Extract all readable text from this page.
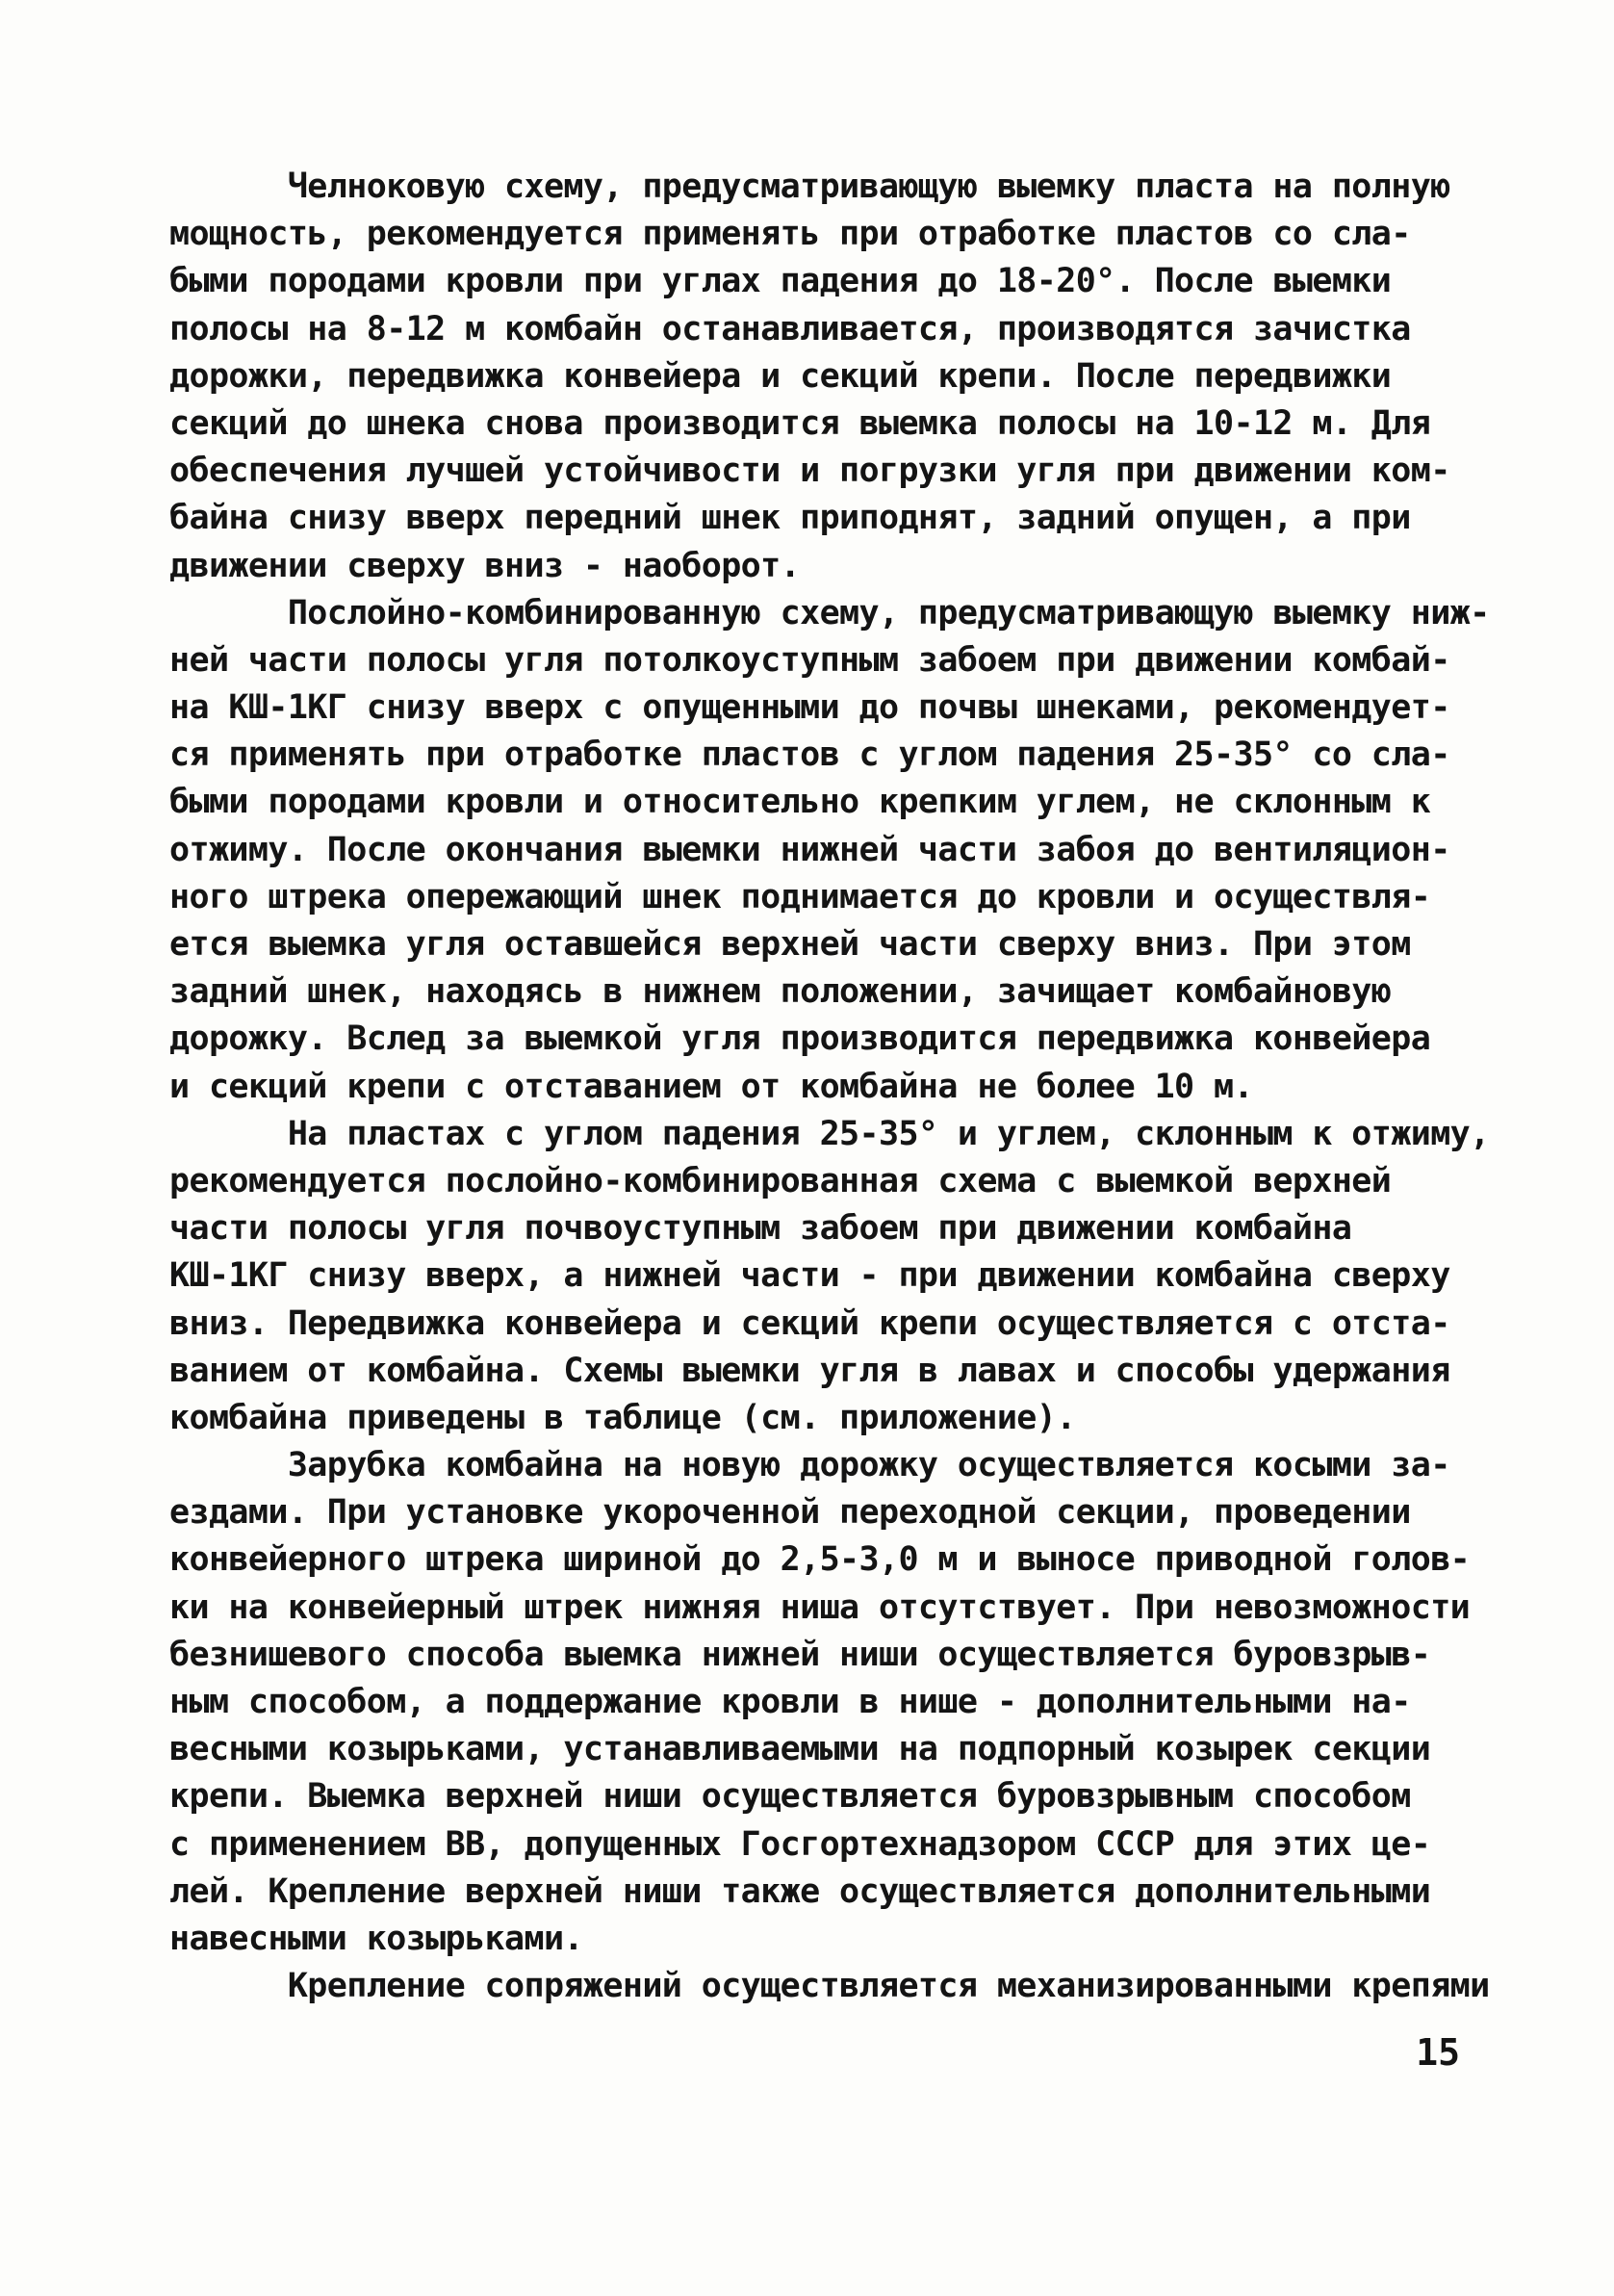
Челноковую схему, предусматривающую выемку пласта на полную
мощность, рекомендуется применять при отработке пластов со сла-
быми породами кровли при углах падения до 18-20°. После выемки
полосы на 8-12 м комбайн останавливается, производятся зачистка
дорожки, передвижка конвейера и секций крепи. После передвижки
секций до шнека снова производится выемка полосы на 10-12 м. Для
обеспечения лучшей устойчивости и погрузки угля при движении ком-
байна снизу вверх передний шнек приподнят, задний опущен, а при
движении сверху вниз - наоборот.
Послойно-комбинированную схему, предусматривающую выемку ниж-
ней части полосы угля потолкоуступным забоем при движении комбай-
на КШ-1КГ снизу вверх с опущенными до почвы шнеками, рекомендует-
ся применять при отработке пластов с углом падения 25-35° со сла-
быми породами кровли и относительно крепким углем, не склонным к
отжиму. После окончания выемки нижней части забоя до вентиляцион-
ного штрека опережающий шнек поднимается до кровли и осуществля-
ется выемка угля оставшейся верхней части сверху вниз. При этом
задний шнек, находясь в нижнем положении, зачищает комбайновую
дорожку. Вслед за выемкой угля производится передвижка конвейера
и секций крепи с отставанием от комбайна не более 10 м.
На пластах с углом падения 25-35° и углем, склонным к отжиму,
рекомендуется послойно-комбинированная схема с выемкой верхней
части полосы угля почвоуступным забоем при движении комбайна
КШ-1КГ снизу вверх, а нижней части - при движении комбайна сверху
вниз. Передвижка конвейера и секций крепи осуществляется с отста-
ванием от комбайна. Схемы выемки угля в лавах и способы удержания
комбайна приведены в таблице (см. приложение).
Зарубка комбайна на новую дорожку осуществляется косыми за-
ездами. При установке укороченной переходной секции, проведении
конвейерного штрека шириной до 2,5-3,0 м и выносе приводной голов-
ки на конвейерный штрек нижняя ниша отсутствует. При невозможности
безнишевого способа выемка нижней ниши осуществляется буровзрыв-
ным способом, а поддержание кровли в нише - дополнительными на-
весными козырьками, устанавливаемыми на подпорный козырек секции
крепи. Выемка верхней ниши осуществляется буровзрывным способом
с применением ВВ, допущенных Госгортехнадзором СССР для этих це-
лей. Крепление верхней ниши также осуществляется дополнительными
навесными козырьками.
Крепление сопряжений осуществляется механизированными крепями
15
